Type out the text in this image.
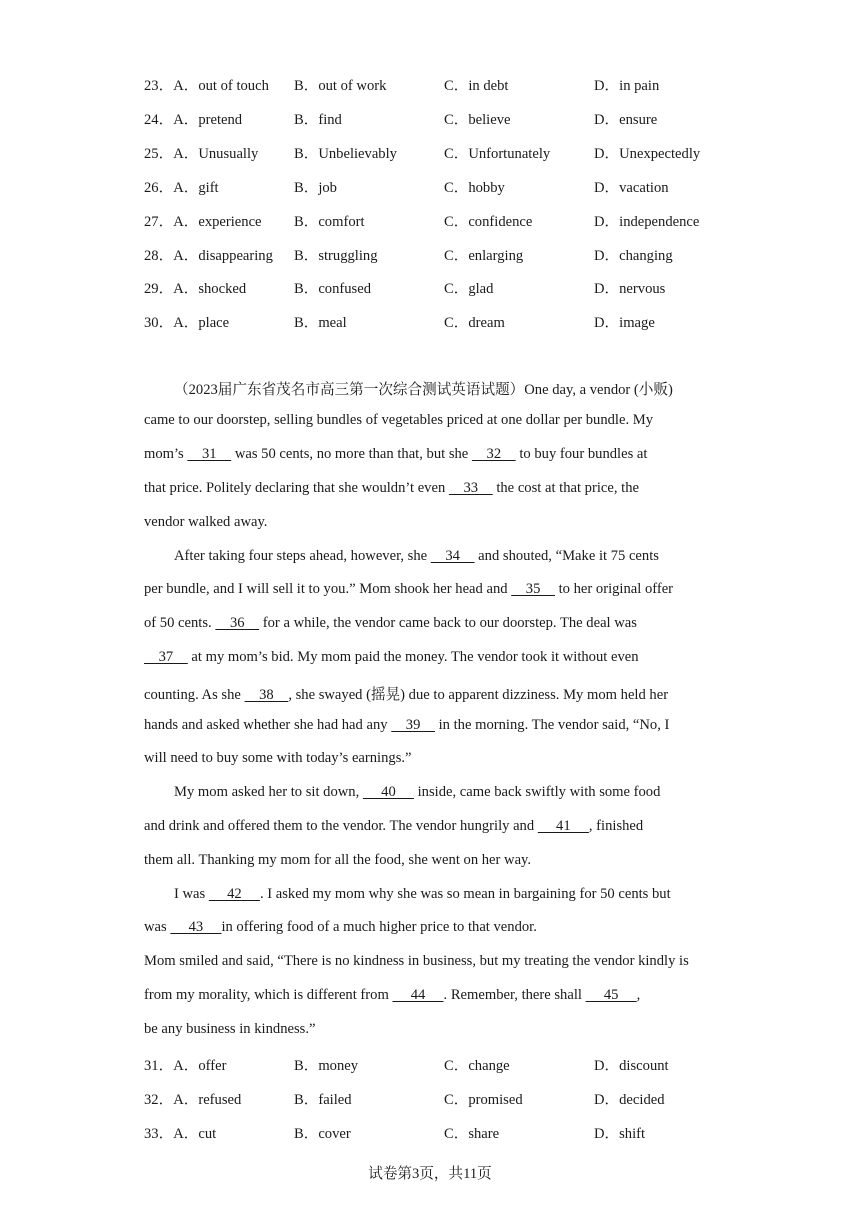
23．A．out of touch B．out of work	C．in debt	D．in pain
24．A．pretend	B．find	C．believe	D．ensure
25．A．Unusually B．Unbelievably	C．Unfortunately	D．Unexpectedly
26．A．gift	B．job	C．hobby	D．vacation
27．A．experience B．comfort	C．confidence	D．independence
28．A．disappearing B．struggling	C．enlarging	D．changing
29．A．shocked	B．confused	C．glad	D．nervous
30．A．place	B．meal	C．dream	D．image
（2023届广东省茂名市高三第一次综合测试英语试题）One day, a vendor (小贩)
came to our doorstep, selling bundles of vegetables priced at one dollar per bundle. My
mom’s     31     was 50 cents, no more than that, but she     32     to buy four bundles at
that price. Politely declaring that she wouldn’t even     33     the cost at that price, the
vendor walked away.
After taking four steps ahead, however, she     34     and shouted, “Make it 75 cents
per bundle, and I will sell it to you.” Mom shook her head and     35     to her original offer
of 50 cents.     36     for a while, the vendor came back to our doorstep. The deal was
37     at my mom’s bid. My mom paid the money. The vendor took it without even
counting. As she     38    , she swayed (摇晃) due to apparent dizziness. My mom held her
hands and asked whether she had had any     39     in the morning. The vendor said, “No, I
will need to buy some with today’s earnings.”
My mom asked her to sit down,      40      inside, came back swiftly with some food
and drink and offered them to the vendor. The vendor hungrily and      41     , finished
them all. Thanking my mom for all the food, she went on her way.
I was      42     . I asked my mom why she was so mean in bargaining for 50 cents but
was      43     in offering food of a much higher price to that vendor.
Mom smiled and said, “There is no kindness in business, but my treating the vendor kindly is
from my morality, which is different from      44     . Remember, there shall      45     ,
be any business in kindness.”
31．A．offer	B．money	C．change	D．discount
32．A．refused	B．failed	C．promised	D．decided
33．A．cut	B．cover	C．share	D．shift
试卷第3页，共11页
